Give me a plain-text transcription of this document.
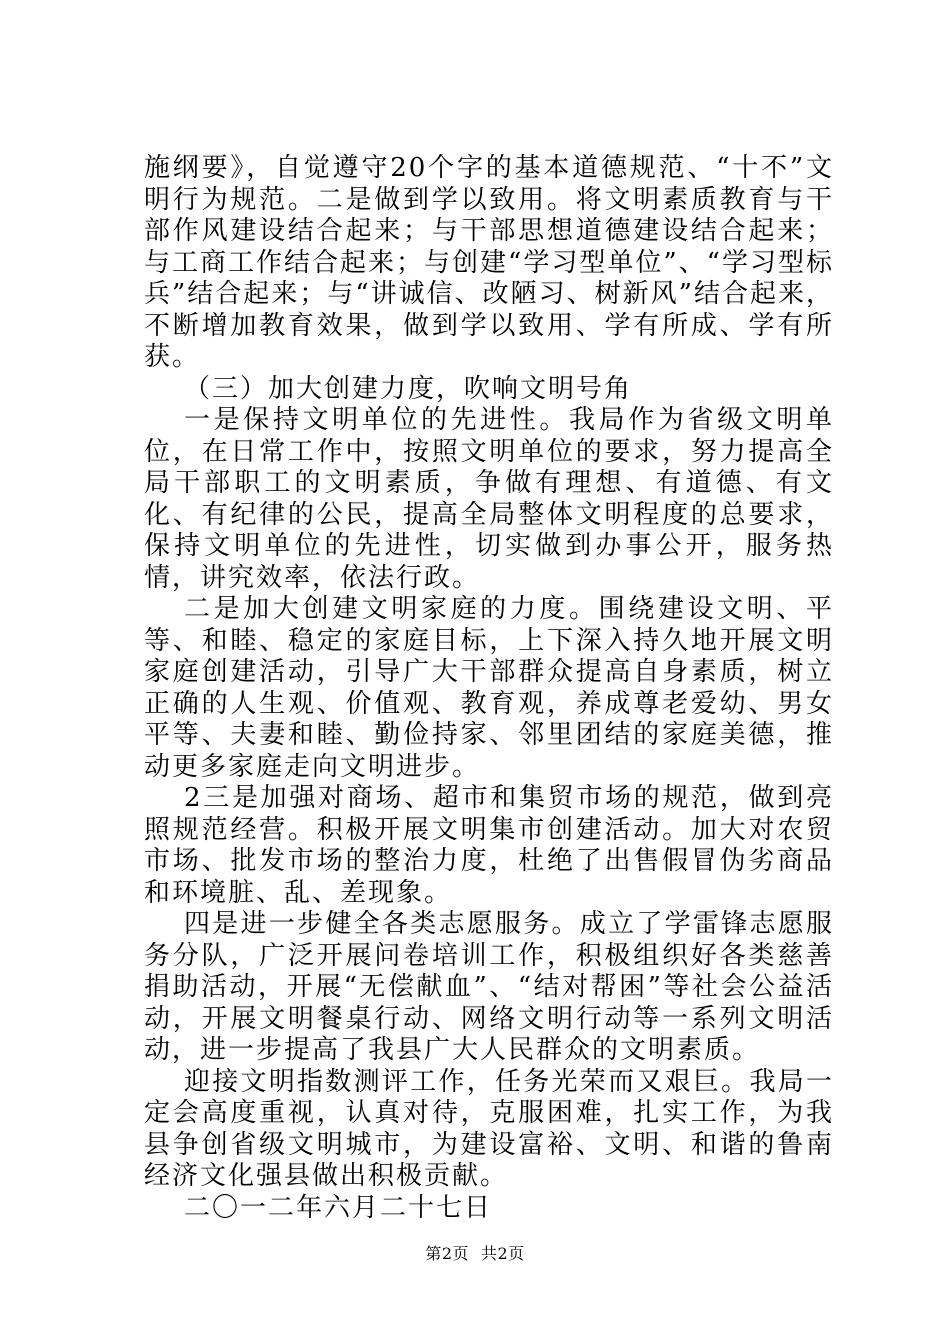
施纲要》，自觉遵守20个字的基本道德规范、“十不”文明行为规范。二是做到学以致用。将文明素质教育与干部作风建设结合起来；与干部思想道德建设结合起来；与工商工作结合起来；与创建“学习型单位”、“学习型标兵”结合起来；与“讲诚信、改陋习、树新风”结合起来，不断增加教育效果，做到学以致用、学有所成、学有所获。

（三）加大创建力度，吹响文明号角

一是保持文明单位的先进性。我局作为省级文明单位，在日常工作中，按照文明单位的要求，努力提高全局干部职工的文明素质，争做有理想、有道德、有文化、有纪律的公民，提高全局整体文明程度的总要求，保持文明单位的先进性，切实做到办事公开，服务热情，讲究效率，依法行政。

二是加大创建文明家庭的力度。围绕建设文明、平等、和睦、稳定的家庭目标，上下深入持久地开展文明家庭创建活动，引导广大干部群众提高自身素质，树立正确的人生观、价值观、教育观，养成尊老爱幼、男女平等、夫妻和睦、勤俭持家、邻里团结的家庭美德，推动更多家庭走向文明进步。

2三是加强对商场、超市和集贸市场的规范，做到亮照规范经营。积极开展文明集市创建活动。加大对农贸市场、批发市场的整治力度，杜绝了出售假冒伪劣商品和环境脏、乱、差现象。

四是进一步健全各类志愿服务。成立了学雷锋志愿服务分队，广泛开展问卷培训工作，积极组织好各类慈善捐助活动，开展“无偿献血”、“结对帮困”等社会公益活动，开展文明餐桌行动、网络文明行动等一系列文明活动，进一步提高了我县广大人民群众的文明素质。

迎接文明指数测评工作，任务光荣而又艰巨。我局一定会高度重视，认真对待，克服困难，扎实工作，为我县争创省级文明城市，为建设富裕、文明、和谐的鲁南经济文化强县做出积极贡献。

二〇一二年六月二十七日

第2页 共2页
